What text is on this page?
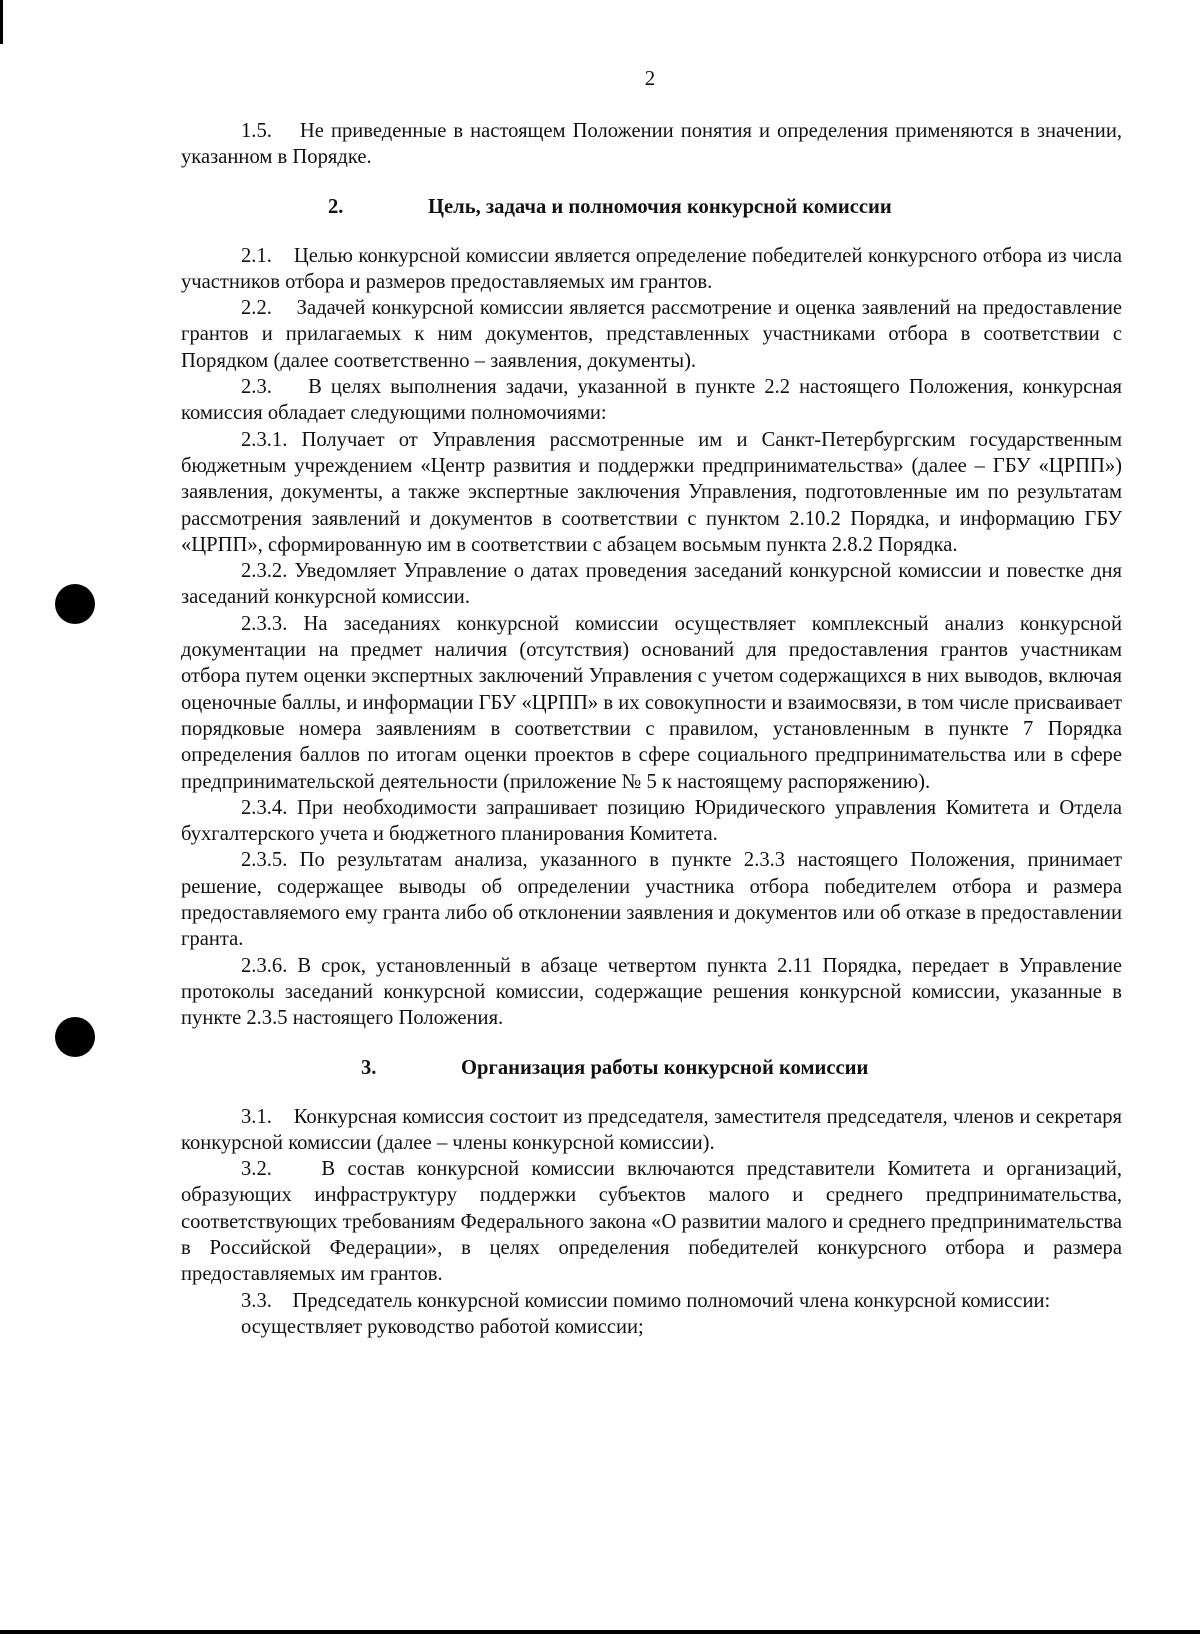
2

1.5.    Не приведенные в настоящем Положении понятия и определения применяются в значении, указанном в Порядке.

2.	Цель, задача и полномочия конкурсной комиссии

2.1.    Целью конкурсной комиссии является определение победителей конкурсного отбора из числа участников отбора и размеров предоставляемых им грантов.

2.2.    Задачей конкурсной комиссии является рассмотрение и оценка заявлений на предоставление грантов и прилагаемых к ним документов, представленных участниками отбора в соответствии с Порядком (далее соответственно – заявления, документы).

2.3.    В целях выполнения задачи, указанной в пункте 2.2 настоящего Положения, конкурсная комиссия обладает следующими полномочиями:

2.3.1. Получает от Управления рассмотренные им и Санкт-Петербургским государственным бюджетным учреждением «Центр развития и поддержки предпринимательства» (далее – ГБУ «ЦРПП») заявления, документы, а также экспертные заключения Управления, подготовленные им по результатам рассмотрения заявлений и документов в соответствии с пунктом 2.10.2 Порядка, и информацию ГБУ «ЦРПП», сформированную им в соответствии с абзацем восьмым пункта 2.8.2 Порядка.

2.3.2. Уведомляет Управление о датах проведения заседаний конкурсной комиссии и повестке дня заседаний конкурсной комиссии.

2.3.3. На заседаниях конкурсной комиссии осуществляет комплексный анализ конкурсной документации на предмет наличия (отсутствия) оснований для предоставления грантов участникам отбора путем оценки экспертных заключений Управления с учетом содержащихся в них выводов, включая оценочные баллы, и информации ГБУ «ЦРПП» в их совокупности и взаимосвязи, в том числе присваивает порядковые номера заявлениям в соответствии с правилом, установленным в пункте 7 Порядка определения баллов по итогам оценки проектов в сфере социального предпринимательства или в сфере предпринимательской деятельности (приложение № 5 к настоящему распоряжению).

2.3.4. При необходимости запрашивает позицию Юридического управления Комитета и Отдела бухгалтерского учета и бюджетного планирования Комитета.

2.3.5. По результатам анализа, указанного в пункте 2.3.3 настоящего Положения, принимает решение, содержащее выводы об определении участника отбора победителем отбора и размера предоставляемого ему гранта либо об отклонении заявления и документов или об отказе в предоставлении гранта.

2.3.6. В срок, установленный в абзаце четвертом пункта 2.11 Порядка, передает в Управление протоколы заседаний конкурсной комиссии, содержащие решения конкурсной комиссии, указанные в пункте 2.3.5 настоящего Положения.

3.	Организация работы конкурсной комиссии

3.1.    Конкурсная комиссия состоит из председателя, заместителя председателя, членов и секретаря конкурсной комиссии (далее – члены конкурсной комиссии).

3.2.    В состав конкурсной комиссии включаются представители Комитета и организаций, образующих инфраструктуру поддержки субъектов малого и среднего предпринимательства, соответствующих требованиям Федерального закона «О развитии малого и среднего предпринимательства в Российской Федерации», в целях определения победителей конкурсного отбора и размера предоставляемых им грантов.

3.3.    Председатель конкурсной комиссии помимо полномочий члена конкурсной комиссии:

осуществляет руководство работой комиссии;
